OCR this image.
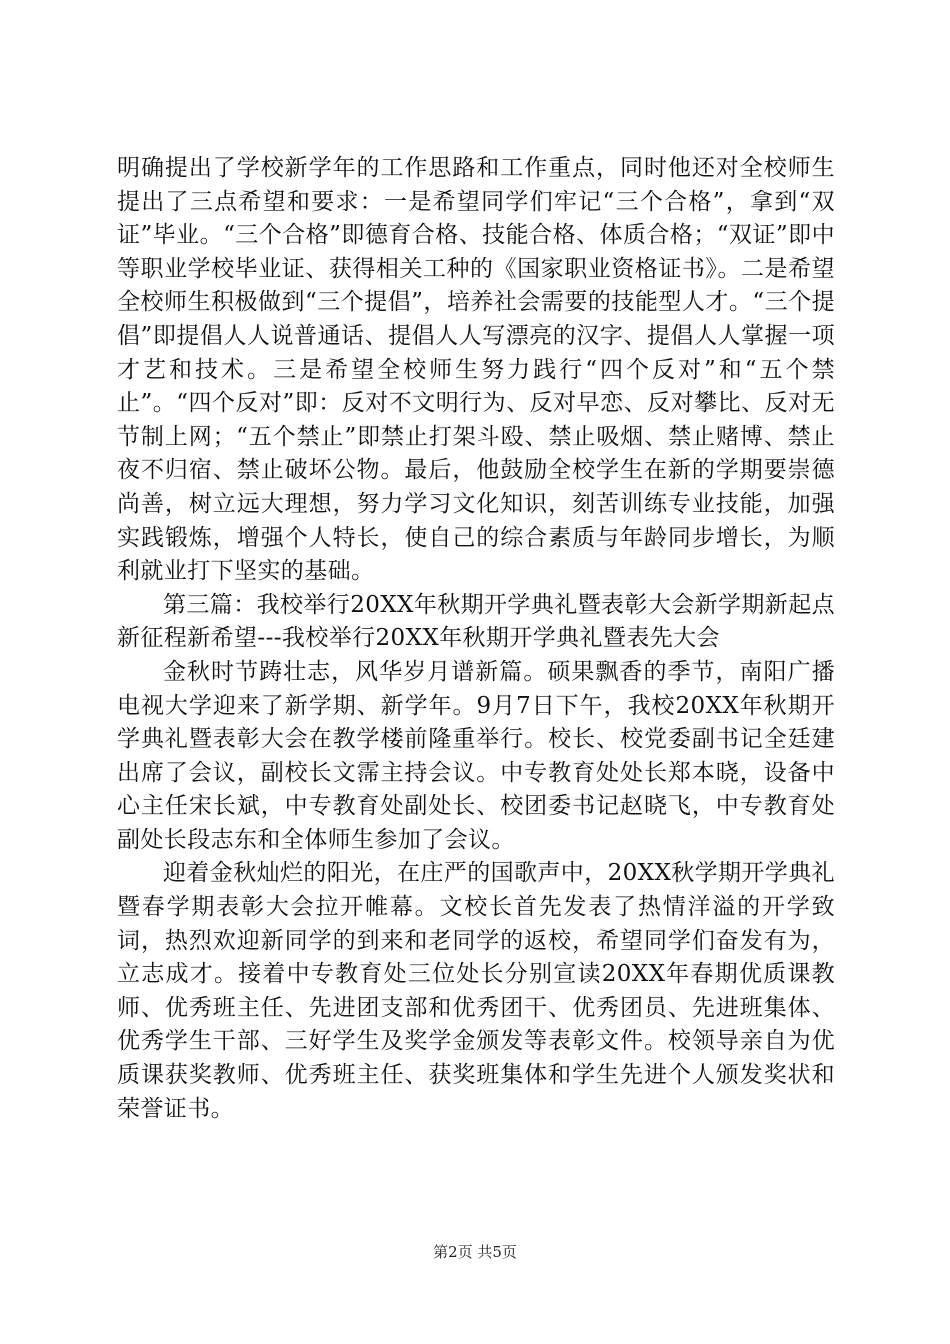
明确提出了学校新学年的工作思路和工作重点，同时他还对全校师生提出了三点希望和要求：一是希望同学们牢记“三个合格”，拿到“双证”毕业。“三个合格”即德育合格、技能合格、体质合格；“双证”即中等职业学校毕业证、获得相关工种的《国家职业资格证书》。二是希望全校师生积极做到“三个提倡”，培养社会需要的技能型人才。“三个提倡”即提倡人人说普通话、提倡人人写漂亮的汉字、提倡人人掌握一项才艺和技术。三是希望全校师生努力践行“四个反对”和“五个禁止”。“四个反对”即：反对不文明行为、反对早恋、反对攀比、反对无节制上网；“五个禁止”即禁止打架斗殴、禁止吸烟、禁止赌博、禁止夜不归宿、禁止破坏公物。最后，他鼓励全校学生在新的学期要崇德尚善，树立远大理想，努力学习文化知识，刻苦训练专业技能，加强实践锻炼，增强个人特长，使自己的综合素质与年龄同步增长，为顺利就业打下坚实的基础。

第三篇：我校举行20XX年秋期开学典礼暨表彰大会新学期新起点新征程新希望---我校举行20XX年秋期开学典礼暨表先大会

金秋时节踌壮志，风华岁月谱新篇。硕果飘香的季节，南阳广播电视大学迎来了新学期、新学年。9月7日下午，我校20XX年秋期开学典礼暨表彰大会在教学楼前隆重举行。校长、校党委副书记全廷建出席了会议，副校长文霈主持会议。中专教育处处长郑本晓，设备中心主任宋长斌，中专教育处副处长、校团委书记赵晓飞，中专教育处副处长段志东和全体师生参加了会议。

迎着金秋灿烂的阳光，在庄严的国歌声中，20XX秋学期开学典礼暨春学期表彰大会拉开帷幕。文校长首先发表了热情洋溢的开学致词，热烈欢迎新同学的到来和老同学的返校，希望同学们奋发有为，立志成才。接着中专教育处三位处长分别宣读20XX年春期优质课教师、优秀班主任、先进团支部和优秀团干、优秀团员、先进班集体、优秀学生干部、三好学生及奖学金颁发等表彰文件。校领导亲自为优质课获奖教师、优秀班主任、获奖班集体和学生先进个人颁发奖状和荣誉证书。

第2页 共5页
